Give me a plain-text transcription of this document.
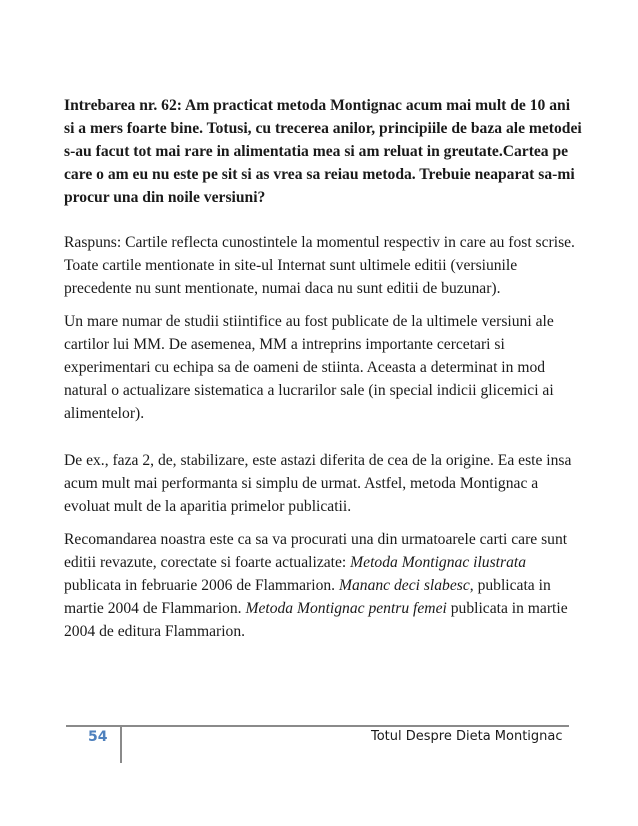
Intrebarea nr. 62: Am practicat metoda Montignac acum mai mult de 10 ani si a mers foarte bine. Totusi, cu trecerea anilor, principiile de baza ale metodei s-au facut tot mai rare in alimentatia mea si am reluat in greutate.Cartea pe care o am eu nu este pe sit si as vrea sa reiau metoda. Trebuie neaparat sa-mi procur una din noile versiuni?

Raspuns: Cartile reflecta cunostintele la momentul respectiv in care au fost scrise. Toate cartile mentionate in site-ul Internat sunt ultimele editii (versiunile precedente nu sunt mentionate, numai daca nu sunt editii de buzunar).

Un mare numar de studii stiintifice au fost publicate de la ultimele versiuni ale cartilor lui MM. De asemenea, MM a intreprins importante cercetari si experimentari cu echipa sa de oameni de stiinta. Aceasta a determinat in mod natural o actualizare sistematica a lucrarilor sale (in special indicii glicemici ai alimentelor).

De ex., faza 2, de, stabilizare, este astazi diferita de cea de la origine. Ea este insa acum mult mai performanta si simplu de urmat. Astfel, metoda Montignac a evoluat mult de la aparitia primelor publicatii.

Recomandarea noastra este ca sa va procurati una din urmatoarele carti care sunt editii revazute, corectate si foarte actualizate: Metoda Montignac ilustrata publicata in februarie 2006 de Flammarion. Mananc deci slabesc, publicata in martie 2004 de Flammarion. Metoda Montignac pentru femei publicata in martie 2004 de editura Flammarion.

54	Totul Despre Dieta Montignac
